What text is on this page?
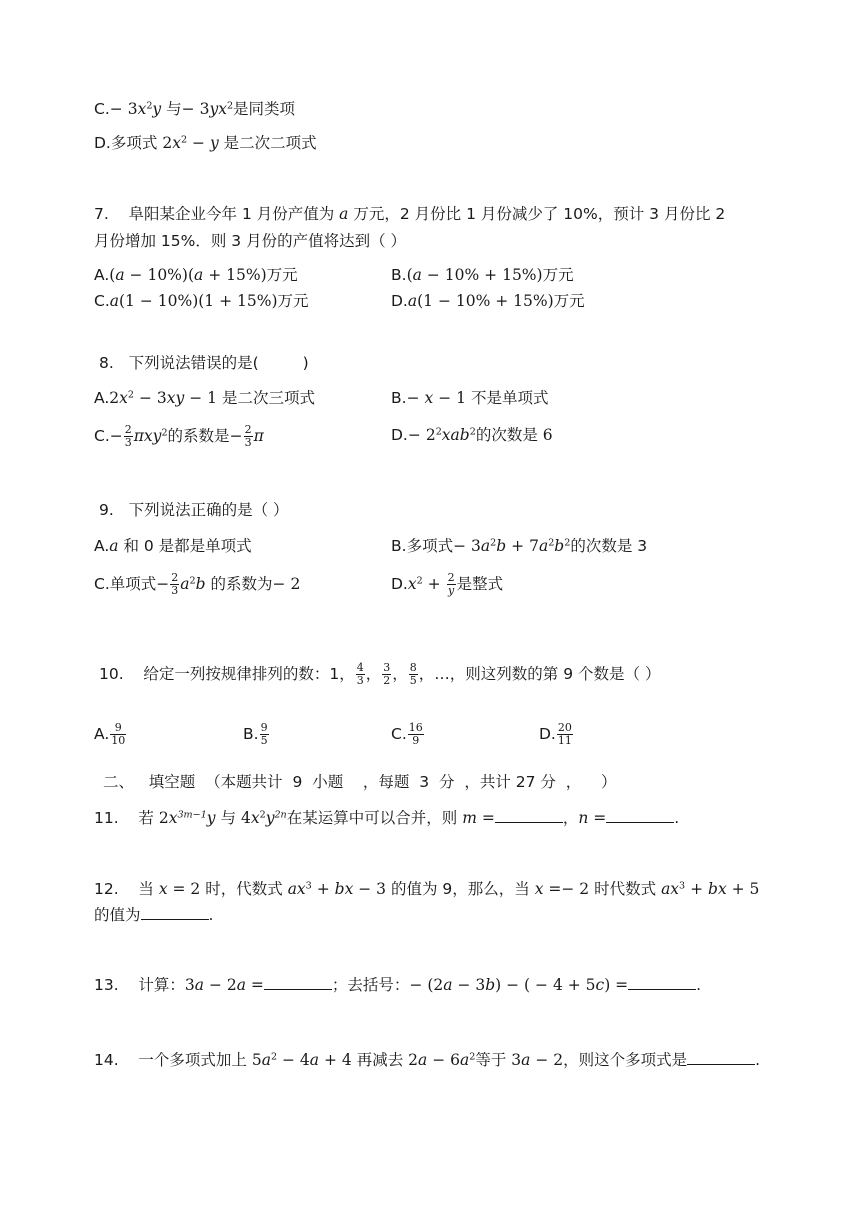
$C.- 3x^2y$ 与− $3yx^2$是同类项
D.多项式 $2x^2 - y$ 是二次二项式
7. 阜阳某企业今年 1 月份产值为 a 万元，2 月份比 1 月份减少了 10%，预计 3 月份比 2
月份增加 15%．则 3 月份的产值将达到（ ）
A.(a − 10%)(a + 15%)万元	B.(a − 10% + 15%)万元
C.a(1 − 10%)(1 + 15%)万元	D.a(1 − 10% + 15%)万元
8. 下列说法错误的是(	)
$A.2x^2 - 3xy - 1$ 是二次三项式	B.− x − 1 不是单项式
$C.- \frac{2}{3} \pi xy^2$的系数是− $\frac{2}{3}$ π	$D.- 2^2xab^2$的次数是 6
9. 下列说法正确的是（ ）
A.a 和 0 是都是单项式	B.多项式− $3a^2b + 7a^2b^2$的次数是 3
C.单项式− $\frac{2}{3} a^2b$ 的系数为− 2	$D.x^2 + \frac{2}{y}$ 是整式
10. 给定一列按规律排列的数：1， $\frac{4}{3}$ ， $\frac{3}{2}$ ， $\frac{8}{5}$ ，…，则这列数的第 9 个数是（ ）
A. $\frac{9}{10}$	B. $\frac{9}{5}$	C. $\frac{16}{9}$	D. $\frac{20}{11}$
二、   填空题  （本题共计  9  小题    ，每题  3  分  ，共计 27 分  ，    ）
11. 若 $2x^{3m-1}y$ 与 $4x^2y^{2n}$在某运算中可以合并，则 m =	，n =	.
12. 当 x = 2 时，代数式 $ax^3$ + bx − 3 的值为 9，那么，当 x =− 2 时代数式 $ax^3$ + bx + 5
的值为	.
13. 计算：3a − 2a =	；去括号：− (2a − 3b) − ( − 4 + 5c) =	.
14. 一个多项式加上 $5a^2 - 4a + 4$ 再减去 $2a - 6a^2$等于 3a − 2，则这个多项式是	.
